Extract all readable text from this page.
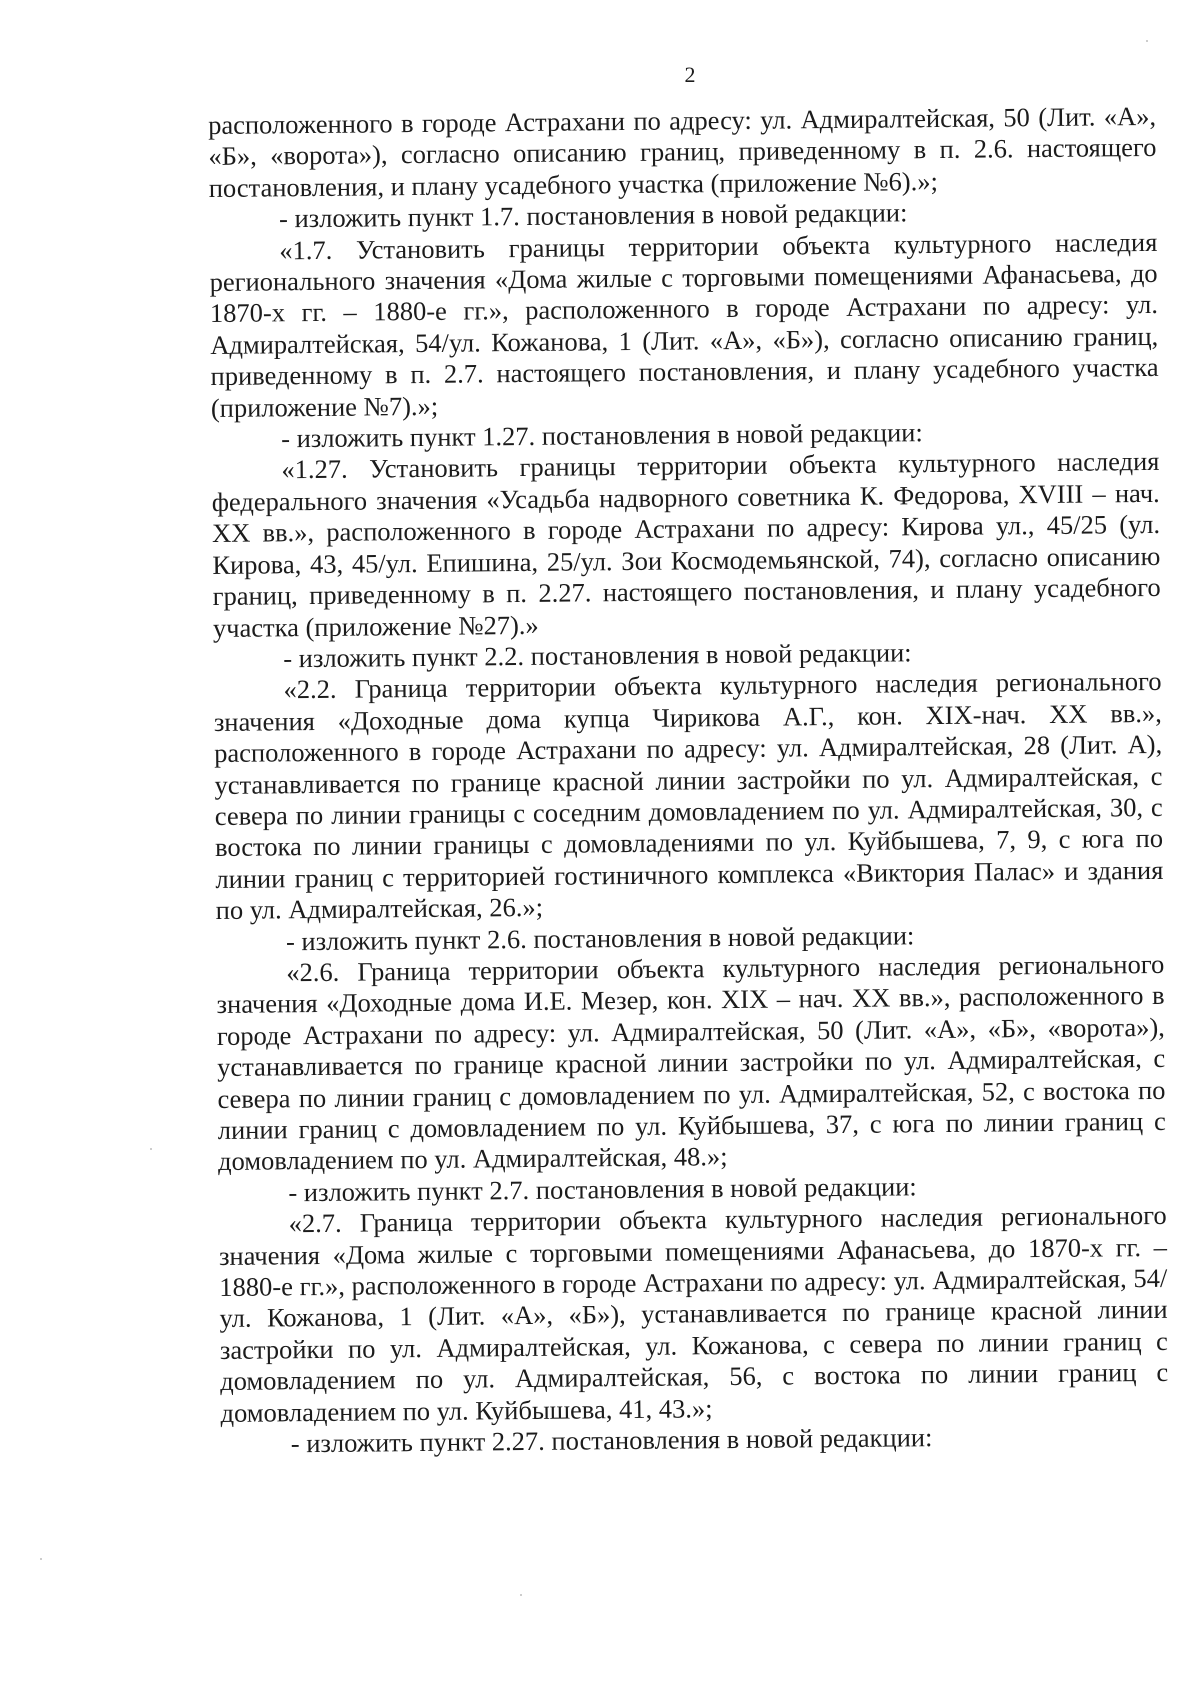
2

расположенного в городе Астрахани по адресу: ул. Адмиралтейская, 50 (Лит. «А», «Б», «ворота»), согласно описанию границ, приведенному в п. 2.6. настоящего постановления, и плану усадебного участка (приложение №6).»;

- изложить пункт 1.7. постановления в новой редакции:

«1.7. Установить границы территории объекта культурного наследия регионального значения «Дома жилые с торговыми помещениями Афанасьева, до 1870-х гг. – 1880-е гг.», расположенного в городе Астрахани по адресу: ул. Адмиралтейская, 54/ул. Кожанова, 1 (Лит. «А», «Б»), согласно описанию границ, приведенному в п. 2.7. настоящего постановления, и плану усадебного участка (приложение №7).»;

- изложить пункт 1.27. постановления в новой редакции:

«1.27. Установить границы территории объекта культурного наследия федерального значения «Усадьба надворного советника К. Федорова, XVIII – нач. XX вв.», расположенного в городе Астрахани по адресу: Кирова ул., 45/25 (ул. Кирова, 43, 45/ул. Епишина, 25/ул. Зои Космодемьянской, 74), согласно описанию границ, приведенному в п. 2.27. настоящего постановления, и плану усадебного участка (приложение №27).»

- изложить пункт 2.2. постановления в новой редакции:

«2.2. Граница территории объекта культурного наследия регионального значения «Доходные дома купца Чирикова А.Г., кон. XIX-нач. XX вв.», расположенного в городе Астрахани по адресу: ул. Адмиралтейская, 28 (Лит. А), устанавливается по границе красной линии застройки по ул. Адмиралтейская, с севера по линии границы с соседним домовладением по ул. Адмиралтейская, 30, с востока по линии границы с домовладениями по ул. Куйбышева, 7, 9, с юга по линии границ с территорией гостиничного комплекса «Виктория Палас» и здания по ул. Адмиралтейская, 26.»;

- изложить пункт 2.6. постановления в новой редакции:

«2.6. Граница территории объекта культурного наследия регионального значения «Доходные дома И.Е. Мезер, кон. XIX – нач. XX вв.», расположенного в городе Астрахани по адресу: ул. Адмиралтейская, 50 (Лит. «А», «Б», «ворота»), устанавливается по границе красной линии застройки по ул. Адмиралтейская, с севера по линии границ с домовладением по ул. Адмиралтейская, 52, с востока по линии границ с домовладением по ул. Куйбышева, 37, с юга по линии границ с домовладением по ул. Адмиралтейская, 48.»;

- изложить пункт 2.7. постановления в новой редакции:

«2.7. Граница территории объекта культурного наследия регионального значения «Дома жилые с торговыми помещениями Афанасьева, до 1870-х гг. – 1880-е гг.», расположенного в городе Астрахани по адресу: ул. Адмиралтейская, 54/ул. Кожанова, 1 (Лит. «А», «Б»), устанавливается по границе красной линии застройки по ул. Адмиралтейская, ул. Кожанова, с севера по линии границ с домовладением по ул. Адмиралтейская, 56, с востока по линии границ с домовладением по ул. Куйбышева, 41, 43.»;

- изложить пункт 2.27. постановления в новой редакции:
